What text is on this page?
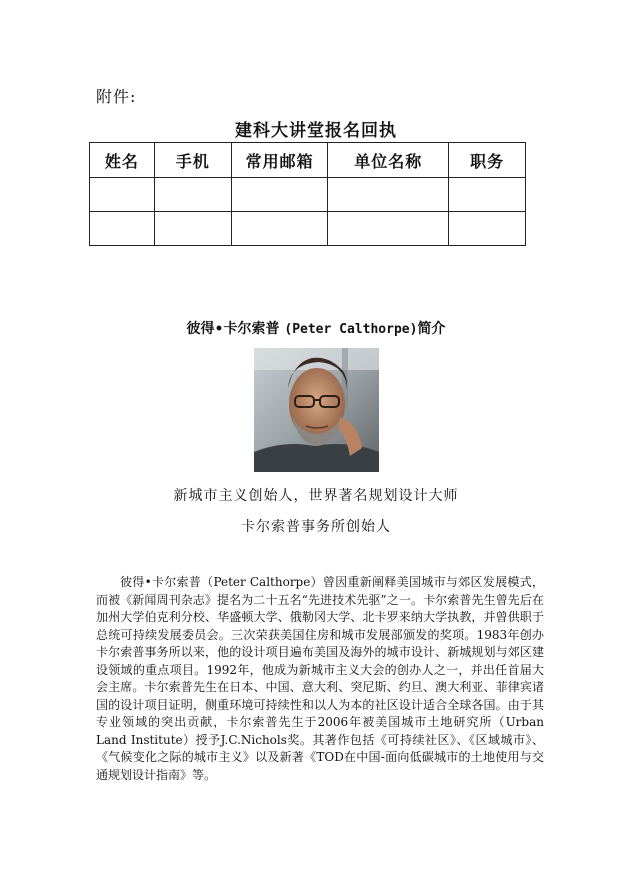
附件:
建科大讲堂报名回执
姓名	手机	常用邮箱	单位名称	职务

彼得•卡尔索普 (Peter Calthorpe)简介
新城市主义创始人，世界著名规划设计大师
卡尔索普事务所创始人

彼得•卡尔索普（Peter Calthorpe）曾因重新阐释美国城市与郊区发展模式，而被《新闻周刊杂志》提名为二十五名“先进技术先驱”之一。卡尔索普先生曾先后在加州大学伯克利分校、华盛顿大学、俄勒冈大学、北卡罗来纳大学执教，并曾供职于总统可持续发展委员会。三次荣获美国住房和城市发展部颁发的奖项。1983年创办卡尔索普事务所以来，他的设计项目遍布美国及海外的城市设计、新城规划与郊区建设领域的重点项目。1992年，他成为新城市主义大会的创办人之一，并出任首届大会主席。卡尔索普先生在日本、中国、意大利、突尼斯、约旦、澳大利亚、菲律宾诸国的设计项目证明，侧重环境可持续性和以人为本的社区设计适合全球各国。由于其专业领域的突出贡献，卡尔索普先生于2006年被美国城市土地研究所（Urban Land Institute）授予J.C.Nichols奖。其著作包括《可持续社区》、《区域城市》、《气候变化之际的城市主义》以及新著《TOD在中国-面向低碳城市的土地使用与交通规划设计指南》等。
